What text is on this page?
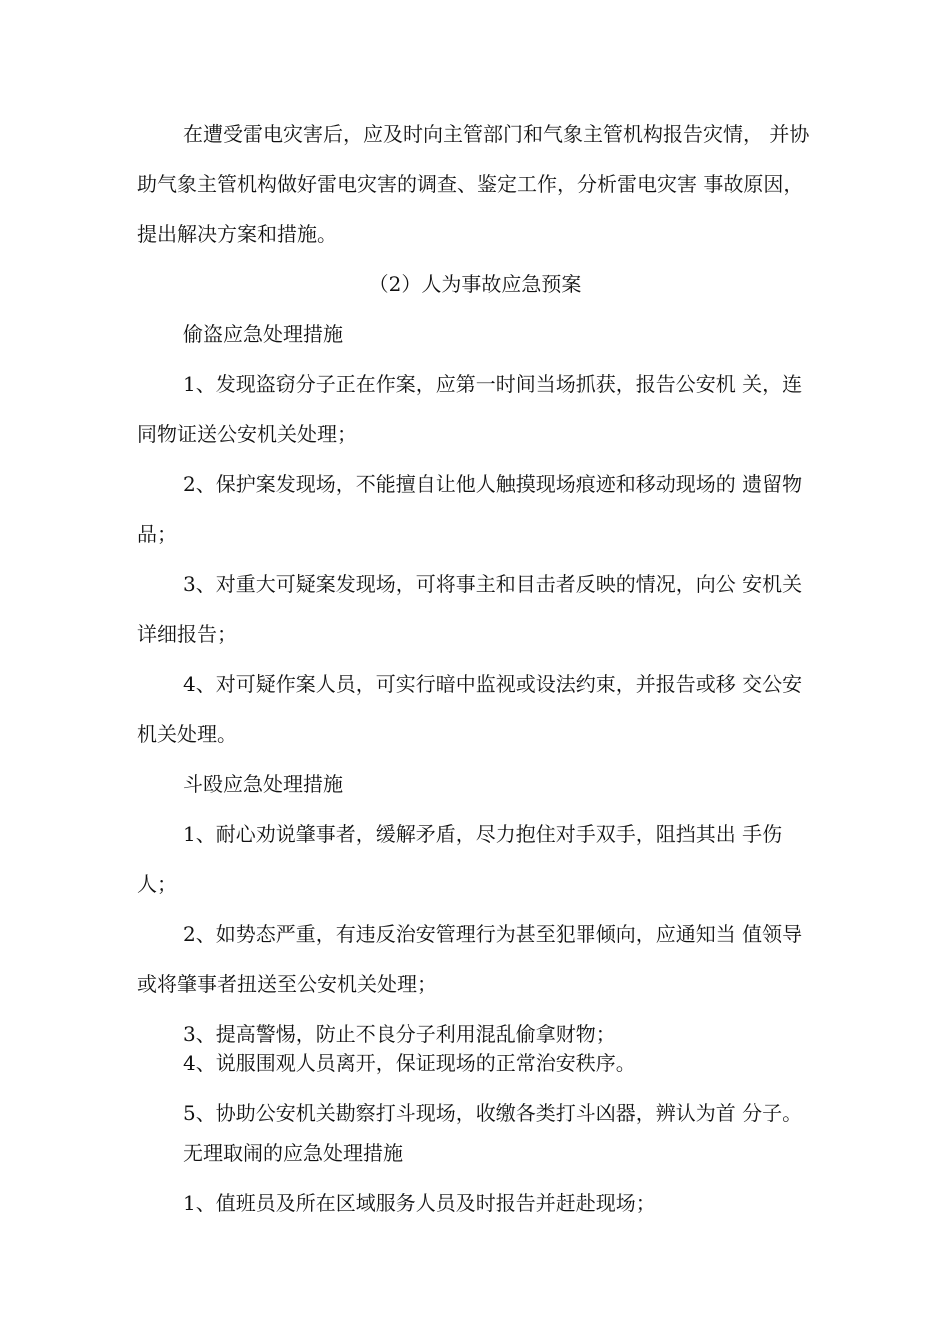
在遭受雷电灾害后，应及时向主管部门和气象主管机构报告灾情， 并协
助气象主管机构做好雷电灾害的调查、鉴定工作，分析雷电灾害 事故原因，
提出解决方案和措施。
（2）人为事故应急预案
偷盗应急处理措施
1、发现盗窃分子正在作案，应第一时间当场抓获，报告公安机 关，连
同物证送公安机关处理；
2、保护案发现场，不能擅自让他人触摸现场痕迹和移动现场的 遗留物
品；
3、对重大可疑案发现场，可将事主和目击者反映的情况，向公 安机关
详细报告；
4、对可疑作案人员，可实行暗中监视或设法约束，并报告或移 交公安
机关处理。
斗殴应急处理措施
1、耐心劝说肇事者，缓解矛盾，尽力抱住对手双手，阻挡其出 手伤
人；
2、如势态严重，有违反治安管理行为甚至犯罪倾向，应通知当 值领导
或将肇事者扭送至公安机关处理；
3、提高警惕，防止不良分子利用混乱偷拿财物；
4、说服围观人员离开，保证现场的正常治安秩序。
5、协助公安机关勘察打斗现场，收缴各类打斗凶器，辨认为首 分子。
无理取闹的应急处理措施
1、值班员及所在区域服务人员及时报告并赶赴现场；
